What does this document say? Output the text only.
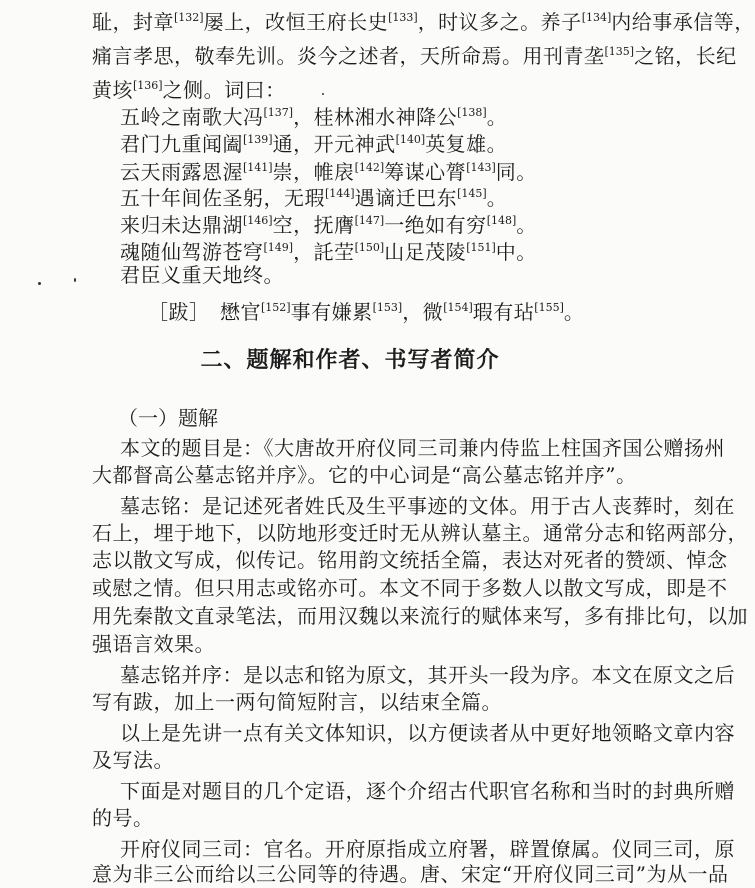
耻，封章[132]屡上，改恒王府长史[133]，时议多之。养子[134]内给事承信等，
痛言孝思，敬奉先训。炎今之述者，天所命焉。用刊青垄[135]之铭，长纪
黄垓[136]之侧。词曰：
五岭之南歌大冯[137]，桂林湘水神降公[138]。
君门九重闻阖[139]通，开元神武[140]英复雄。
云天雨露恩渥[141]崇，帷扆[142]筹谋心膂[143]同。
五十年间佐圣躬，无瑕[144]遇谪迁巴东[145]。
来归未达鼎湖[146]空，抚膺[147]一绝如有穷[148]。
魂随仙驾游苍穹[149]，託茔[150]山足茂陵[151]中。
君臣义重天地终。
［跋］　懋官[152]事有嫌累[153]，微[154]瑕有玷[155]。
二、题解和作者、书写者简介
（一）题解
本文的题目是：《大唐故开府仪同三司兼内侍监上柱国齐国公赠扬州
大都督高公墓志铭并序》。它的中心词是“高公墓志铭并序”。
墓志铭：是记述死者姓氏及生平事迹的文体。用于古人丧葬时，刻在
石上，埋于地下，以防地形变迁时无从辨认墓主。通常分志和铭两部分，
志以散文写成，似传记。铭用韵文统括全篇，表达对死者的赞颂、悼念
或慰之情。但只用志或铭亦可。本文不同于多数人以散文写成，即是不
用先秦散文直录笔法，而用汉魏以来流行的赋体来写，多有排比句，以加
强语言效果。
墓志铭并序：是以志和铭为原文，其开头一段为序。本文在原文之后
写有跋，加上一两句简短附言，以结束全篇。
以上是先讲一点有关文体知识，以方便读者从中更好地领略文章内容
及写法。
下面是对题目的几个定语，逐个介绍古代职官名称和当时的封典所赠
的号。
开府仪同三司：官名。开府原指成立府署，辟置僚属。仪同三司，原
意为非三公而给以三公同等的待遇。唐、宋定“开府仪同三司”为从一品
